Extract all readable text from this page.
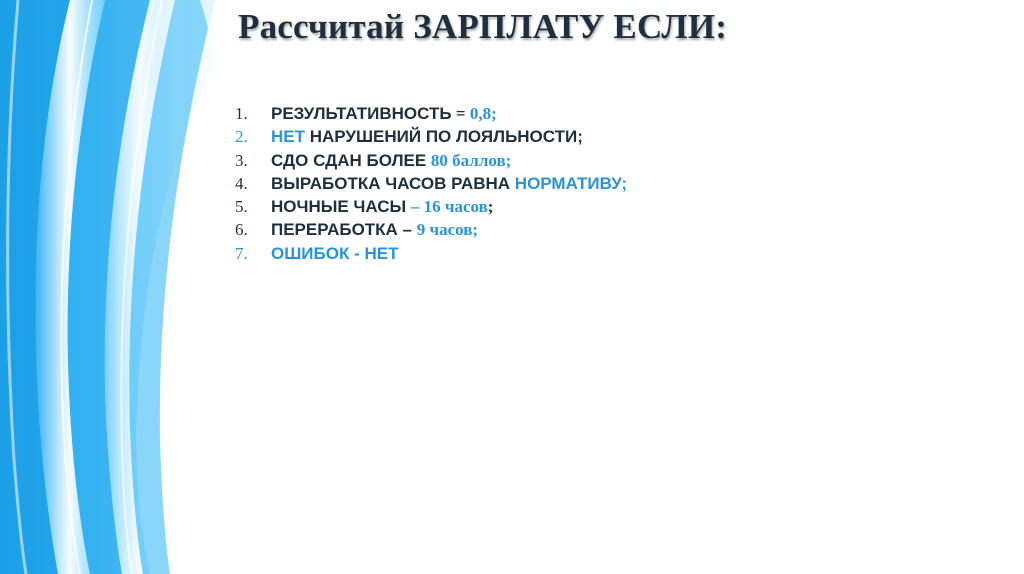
Рассчитай ЗАРПЛАТУ ЕСЛИ:
1.	РЕЗУЛЬТАТИВНОСТЬ = 0,8;
2.	НЕТ НАРУШЕНИЙ ПО ЛОЯЛЬНОСТИ;
3.	СДО СДАН БОЛЕЕ 80 баллов;
4.	ВЫРАБОТКА ЧАСОВ РАВНА НОРМАТИВУ;
5.	НОЧНЫЕ ЧАСЫ – 16 часов;
6.	ПЕРЕРАБОТКА – 9 часов;
7.	ОШИБОК - НЕТ
